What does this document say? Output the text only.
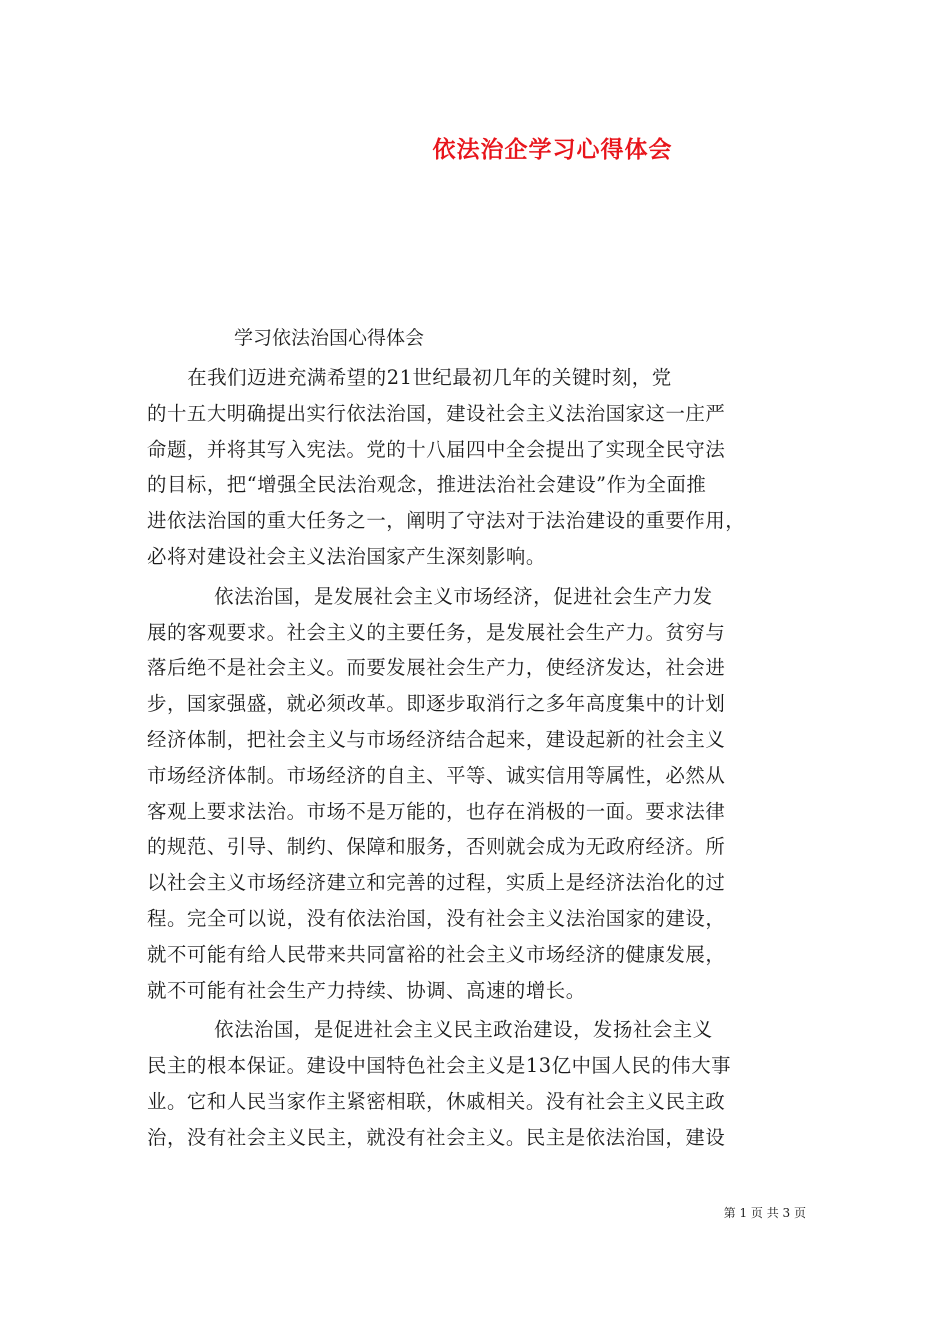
依法治企学习心得体会
学习依法治国心得体会
在我们迈进充满希望的21世纪最初几年的关键时刻，党
的十五大明确提出实行依法治国，建设社会主义法治国家这一庄严
命题，并将其写入宪法。党的十八届四中全会提出了实现全民守法
的目标，把“增强全民法治观念，推进法治社会建设”作为全面推
进依法治国的重大任务之一，阐明了守法对于法治建设的重要作用，
必将对建设社会主义法治国家产生深刻影响。
依法治国，是发展社会主义市场经济，促进社会生产力发
展的客观要求。社会主义的主要任务，是发展社会生产力。贫穷与
落后绝不是社会主义。而要发展社会生产力，使经济发达，社会进
步，国家强盛，就必须改革。即逐步取消行之多年高度集中的计划
经济体制，把社会主义与市场经济结合起来，建设起新的社会主义
市场经济体制。市场经济的自主、平等、诚实信用等属性，必然从
客观上要求法治。市场不是万能的，也存在消极的一面。要求法律
的规范、引导、制约、保障和服务，否则就会成为无政府经济。所
以社会主义市场经济建立和完善的过程，实质上是经济法治化的过
程。完全可以说，没有依法治国，没有社会主义法治国家的建设，
就不可能有给人民带来共同富裕的社会主义市场经济的健康发展，
就不可能有社会生产力持续、协调、高速的增长。
依法治国，是促进社会主义民主政治建设，发扬社会主义
民主的根本保证。建设中国特色社会主义是13亿中国人民的伟大事
业。它和人民当家作主紧密相联，休戚相关。没有社会主义民主政
治，没有社会主义民主，就没有社会主义。民主是依法治国，建设
第 1 页 共 3 页
